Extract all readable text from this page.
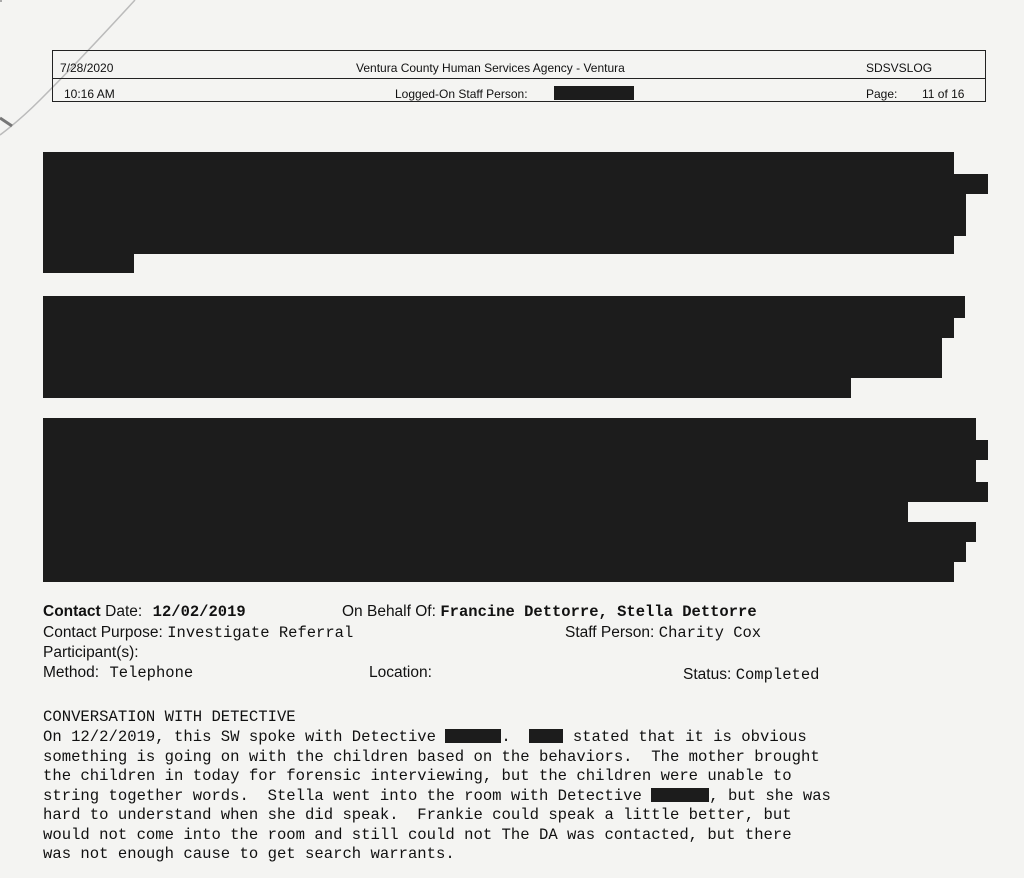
7/28/2020	Ventura County Human Services Agency - Ventura	SDSVSLOG
10:16 AM	Logged-On Staff Person:	Page: 11 of 16
Contact Date: 12/02/2019	On Behalf Of: Francine Dettorre, Stella Dettorre
Contact Purpose: Investigate Referral	Staff Person: Charity Cox
Participant(s):
Method: Telephone	Location:	Status: Completed
CONVERSATION WITH DETECTIVE
On 12/2/2019, this SW spoke with Detective	.   stated that it is obvious
something is going on with the children based on the behaviors.  The mother brought
the children in today for forensic interviewing, but the children were unable to
string together words.  Stella went into the room with Detective	, but she was
hard to understand when she did speak.  Frankie could speak a little better, but
would not come into the room and still could not The DA was contacted, but there
was not enough cause to get search warrants.
